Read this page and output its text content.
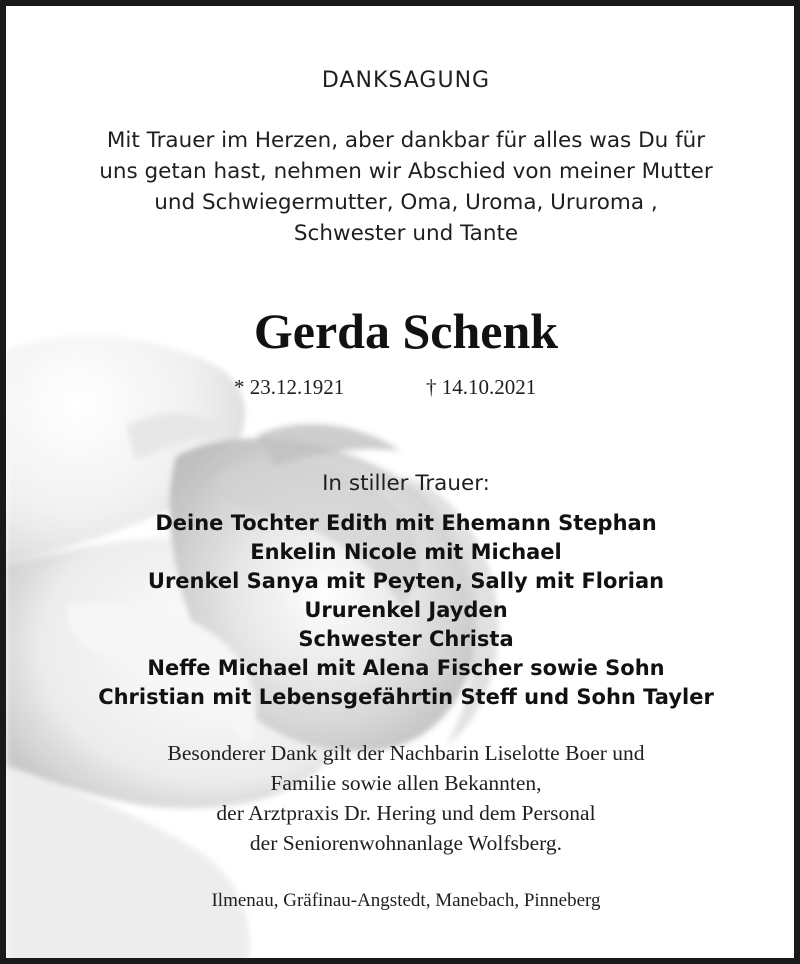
DANKSAGUNG
Mit Trauer im Herzen, aber dankbar für alles was Du für
uns getan hast, nehmen wir Abschied von meiner Mutter
und Schwiegermutter, Oma, Uroma, Ururoma ,
Schwester und Tante
Gerda Schenk
* 23.12.1921	† 14.10.2021
In stiller Trauer:
Deine Tochter Edith mit Ehemann Stephan
Enkelin Nicole mit Michael
Urenkel Sanya mit Peyten, Sally mit Florian
Ururenkel Jayden
Schwester Christa
Neffe Michael mit Alena Fischer sowie Sohn
Christian mit Lebensgefährtin Steff und Sohn Tayler
Besonderer Dank gilt der Nachbarin Liselotte Boer und
Familie sowie allen Bekannten,
der Arztpraxis Dr. Hering und dem Personal
der Seniorenwohnanlage Wolfsberg.
Ilmenau, Gräfinau-Angstedt, Manebach, Pinneberg
